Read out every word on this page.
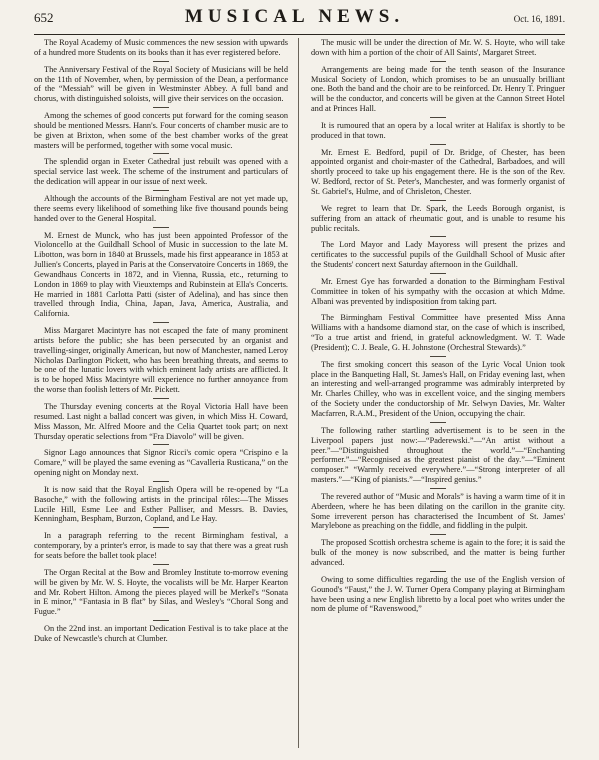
652	MUSICAL NEWS.	Oct. 16, 1891.

The Royal Academy of Music commences the new session with upwards of a hundred more Students on its books than it has ever registered before.

The Anniversary Festival of the Royal Society of Musicians will be held on the 11th of November, when, by permission of the Dean, a performance of the “Messiah” will be given in Westminster Abbey. A full band and chorus, with distinguished soloists, will give their services on the occasion.

Among the schemes of good concerts put forward for the coming season should be mentioned Messrs. Hann's. Four concerts of chamber music are to be given at Brixton, when some of the best chamber works of the great masters will be performed, together with some vocal music.

The splendid organ in Exeter Cathedral just rebuilt was opened with a special service last week. The scheme of the instrument and particulars of the dedication will appear in our issue of next week.

Although the accounts of the Birmingham Festival are not yet made up, there seems every likelihood of something like five thousand pounds being handed over to the General Hospital.

M. Ernest de Munck, who has just been appointed Professor of the Violoncello at the Guildhall School of Music in succession to the late M. Libotton, was born in 1840 at Brussels, made his first appearance in 1853 at Jullien's Concerts, played in Paris at the Conservatoire Concerts in 1869, the Gewandhaus Concerts in 1872, and in Vienna, Russia, etc., returning to London in 1869 to play with Vieuxtemps and Rubinstein at Ella's Concerts. He married in 1881 Carlotta Patti (sister of Adelina), and has since then travelled through India, China, Japan, Java, America, Australia, and California.

Miss Margaret Macintyre has not escaped the fate of many prominent artists before the public; she has been persecuted by an organist and travelling-singer, originally American, but now of Manchester, named Leroy Nicholas Darlington Pickett, who has been breathing threats, and seems to be one of the lunatic lovers with which eminent lady artists are afflicted. It is to be hoped Miss Macintyre will experience no further annoyance from the worse than foolish letters of Mr. Pickett.

The Thursday evening concerts at the Royal Victoria Hall have been resumed. Last night a ballad concert was given, in which Miss H. Coward, Miss Masson, Mr. Alfred Moore and the Celia Quartet took part; on next Thursday operatic selections from “Fra Diavolo” will be given.

Signor Lago announces that Signor Ricci's comic opera “Crispino e la Comare,” will be played the same evening as “Cavalleria Rusticana,” on the opening night on Monday next.

It is now said that the Royal English Opera will be re-opened by “La Basoche,” with the following artists in the principal rôles:—The Misses Lucile Hill, Esme Lee and Esther Palliser, and Messrs. B. Davies, Kenningham, Bespham, Burzon, Copland, and Le Hay.

In a paragraph referring to the recent Birmingham festival, a contemporary, by a printer's error, is made to say that there was a great rush for seats before the ballet took place!

The Organ Recital at the Bow and Bromley Institute to-morrow evening will be given by Mr. W. S. Hoyte, the vocalists will be Mr. Harper Kearton and Mr. Robert Hilton. Among the pieces played will be Merkel's “Sonata in E minor,” “Fantasia in B flat” by Silas, and Wesley's “Choral Song and Fugue.”

On the 22nd inst. an important Dedication Festival is to take place at the Duke of Newcastle's church at Clumber.

The music will be under the direction of Mr. W. S. Hoyte, who will take down with him a portion of the choir of All Saints', Margaret Street.

Arrangements are being made for the tenth season of the Insurance Musical Society of London, which promises to be an unusually brilliant one. Both the band and the choir are to be reinforced. Dr. Henry T. Pringuer will be the conductor, and concerts will be given at the Cannon Street Hotel and at Princes Hall.

It is rumoured that an opera by a local writer at Halifax is shortly to be produced in that town.

Mr. Ernest E. Bedford, pupil of Dr. Bridge, of Chester, has been appointed organist and choir-master of the Cathedral, Barbadoes, and will shortly proceed to take up his engagement there. He is the son of the Rev. W. Bedford, rector of St. Peter's, Manchester, and was formerly organist of St. Gabriel's, Hulme, and of Chrisleton, Chester.

We regret to learn that Dr. Spark, the Leeds Borough organist, is suffering from an attack of rheumatic gout, and is unable to resume his public recitals.

The Lord Mayor and Lady Mayoress will present the prizes and certificates to the successful pupils of the Guildhall School of Music after the Students' concert next Saturday afternoon in the Guildhall.

Mr. Ernest Gye has forwarded a donation to the Birmingham Festival Committee in token of his sympathy with the occasion at which Mdme. Albani was prevented by indisposition from taking part.

The Birmingham Festival Committee have presented Miss Anna Williams with a handsome diamond star, on the case of which is inscribed, “To a true artist and friend, in grateful acknowledgment. W. T. Wade (President); C. J. Beale, G. H. Johnstone (Orchestral Stewards).”

The first smoking concert this season of the Lyric Vocal Union took place in the Banqueting Hall, St. James's Hall, on Friday evening last, when an interesting and well-arranged programme was admirably interpreted by Mr. Charles Chilley, who was in excellent voice, and the singing members of the Society under the conductorship of Mr. Selwyn Davies, Mr. Walter Macfarren, R.A.M., President of the Union, occupying the chair.

The following rather startling advertisement is to be seen in the Liverpool papers just now:—“Paderewski.”—“An artist without a peer.”—“Distinguished throughout the world.”—“Enchanting performer.”—“Recognised as the greatest pianist of the day.”—“Eminent composer.” “Warmly received everywhere.”—“Strong interpreter of all masters.”—“King of pianists.”—“Inspired genius.”

The revered author of “Music and Morals” is having a warm time of it in Aberdeen, where he has been dilating on the carillon in the granite city. Some irreverent person has characterised the Incumbent of St. James' Marylebone as preaching on the fiddle, and fiddling in the pulpit.

The proposed Scottish orchestra scheme is again to the fore; it is said the bulk of the money is now subscribed, and the matter is being further advanced.

Owing to some difficulties regarding the use of the English version of Gounod's “Faust,” the J. W. Turner Opera Company playing at Birmingham have been using a new English libretto by a local poet who writes under the nom de plume of “Ravenswood,”
